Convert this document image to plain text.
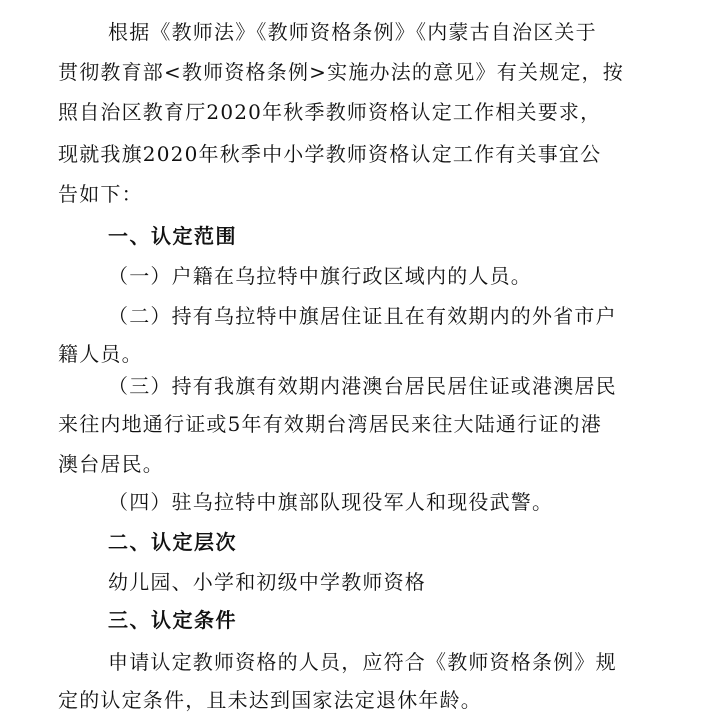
根据《教师法》《教师资格条例》《内蒙古自治区关于
贯彻教育部<教师资格条例>实施办法的意见》有关规定，按
照自治区教育厅2020年秋季教师资格认定工作相关要求，
现就我旗2020年秋季中小学教师资格认定工作有关事宜公
告如下：
一、认定范围
（一）户籍在乌拉特中旗行政区域内的人员。
（二）持有乌拉特中旗居住证且在有效期内的外省市户
籍人员。
（三）持有我旗有效期内港澳台居民居住证或港澳居民
来往内地通行证或5年有效期台湾居民来往大陆通行证的港
澳台居民。
（四）驻乌拉特中旗部队现役军人和现役武警。
二、认定层次
幼儿园、小学和初级中学教师资格
三、认定条件
申请认定教师资格的人员，应符合《教师资格条例》规
定的认定条件，且未达到国家法定退休年龄。
